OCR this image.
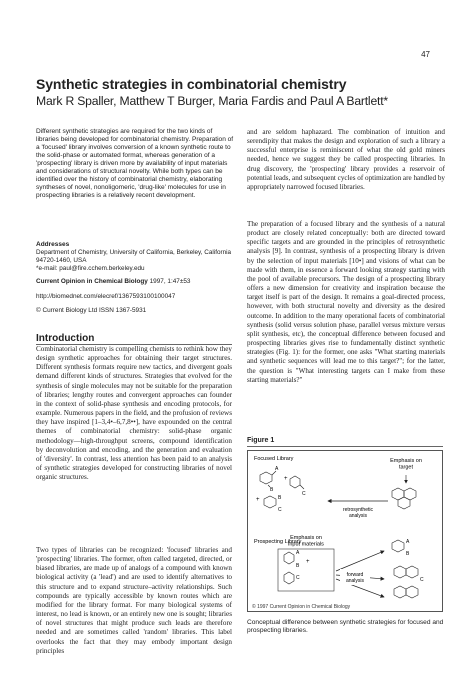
47
Synthetic strategies in combinatorial chemistry
Mark R Spaller, Matthew T Burger, Maria Fardis and Paul A Bartlett*
Different synthetic strategies are required for the two kinds of libraries being developed for combinatorial chemistry. Preparation of a 'focused' library involves conversion of a known synthetic route to the solid-phase or automated format, whereas generation of a 'prospecting' library is driven more by availability of input materials and considerations of structural novelty. While both types can be identified over the history of combinatorial chemistry, elaborating syntheses of novel, nonoligomeric, 'drug-like' molecules for use in prospecting libraries is a relatively recent development.
Addresses
Department of Chemistry, University of California, Berkeley, California 94720-1460, USA
*e-mail: paul@fire.cchem.berkeley.edu
Current Opinion in Chemical Biology 1997, 1:47±53
http://biomednet.com/elecref/1367593100100047
© Current Biology Ltd ISSN 1367-5931
Introduction
Combinatorial chemistry is compelling chemists to rethink how they design synthetic approaches for obtaining their target structures. Different synthesis formats require new tactics, and divergent goals demand different kinds of structures. Strategies that evolved for the synthesis of single molecules may not be suitable for the preparation of libraries; lengthy routes and convergent approaches can founder in the context of solid-phase synthesis and encoding protocols, for example. Numerous papers in the field, and the profusion of reviews they have inspired [1–3,4•–6,7,8••], have expounded on the central themes of combinatorial chemistry: solid-phase organic methodology—high-throughput screens, compound identification by deconvolution and encoding, and the generation and evaluation of 'diversity'. In contrast, less attention has been paid to an analysis of synthetic strategies developed for constructing libraries of novel organic structures.
Two types of libraries can be recognized: 'focused' libraries and 'prospecting' libraries. The former, often called targeted, directed, or biased libraries, are made up of analogs of a compound with known biological activity (a 'lead') and are used to identify alternatives to this structure and to expand structure–activity relationships. Such compounds are typically accessible by known routes which are modified for the library format. For many biological systems of interest, no lead is known, or an entirely new one is sought; libraries of novel structures that might produce such leads are therefore needed and are sometimes called 'random' libraries. This label overlooks the fact that they may embody important design principles
and are seldom haphazard. The combination of intuition and serendipity that makes the design and exploration of such a library a successful enterprise is reminiscent of what the old gold miners needed, hence we suggest they be called prospecting libraries. In drug discovery, the 'prospecting' library provides a reservoir of potential leads, and subsequent cycles of optimization are handled by appropriately narrowed focused libraries.
The preparation of a focused library and the synthesis of a natural product are closely related conceptually: both are directed toward specific targets and are grounded in the principles of retrosynthetic analysis [9]. In contrast, synthesis of a prospecting library is driven by the selection of input materials [10•] and visions of what can be made with them, in essence a forward looking strategy starting with the pool of available precursors. The design of a prospecting library offers a new dimension for creativity and inspiration because the target itself is part of the design. It remains a goal-directed process, however, with both structural novelty and diversity as the desired outcome. In addition to the many operational facets of combinatorial synthesis (solid versus solution phase, parallel versus mixture versus split synthesis, etc), the conceptual difference between focused and prospecting libraries gives rise to fundamentally distinct synthetic strategies (Fig. 1): for the former, one asks "What starting materials and synthetic sequences will lead me to this target?"; for the latter, the question is "What interesting targets can I make from these starting materials?"
Figure 1
Focused Library	Emphasis on
target
A
B
+
C
+	B
C	retrosynthetic
analysis
Prospecting Library
Emphasis on
input materials
A
B
+
C	forward
analysis
A
B
C
© 1997 Current Opinion in Chemical Biology
Conceptual difference between synthetic strategies for focused and prospecting libraries.
